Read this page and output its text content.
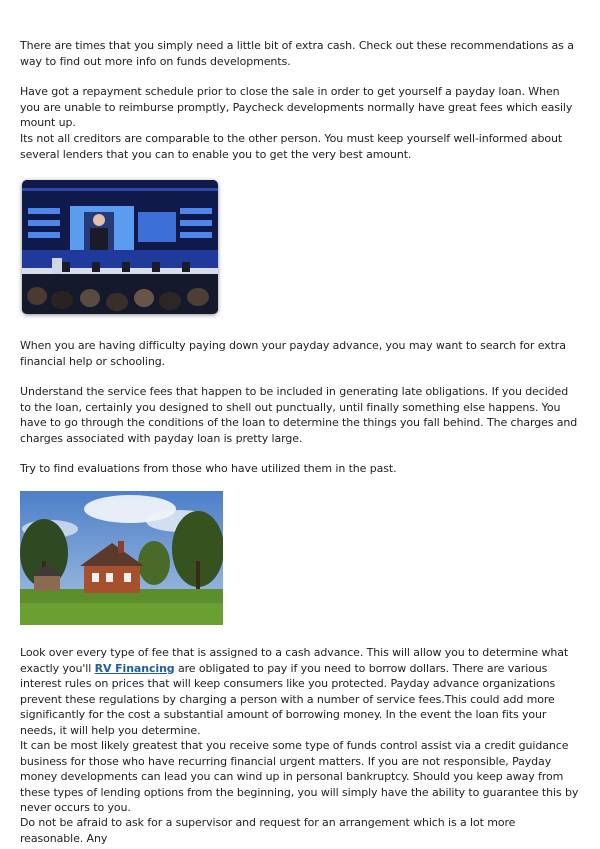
There are times that you simply need a little bit of extra cash. Check out these recommendations as a way to find out more info on funds developments.

Have got a repayment schedule prior to close the sale in order to get yourself a payday loan. When you are unable to reimburse promptly, Paycheck developments normally have great fees which easily mount up.

Its not all creditors are comparable to the other person. You must keep yourself well-informed about several lenders that you can to enable you to get the very best amount.

When you are having difficulty paying down your payday advance, you may want to search for extra financial help or schooling.

Understand the service fees that happen to be included in generating late obligations. If you decided to the loan, certainly you designed to shell out punctually, until finally something else happens. You have to go through the conditions of the loan to determine the things you fall behind. The charges and charges associated with payday loan is pretty large.

Try to find evaluations from those who have utilized them in the past.

Look over every type of fee that is assigned to a cash advance. This will allow you to determine what exactly you'll RV Financing are obligated to pay if you need to borrow dollars. There are various interest rules on prices that will keep consumers like you protected. Payday advance organizations prevent these regulations by charging a person with a number of service fees.This could add more significantly for the cost a substantial amount of borrowing money. In the event the loan fits your needs, it will help you determine.

It can be most likely greatest that you receive some type of funds control assist via a credit guidance business for those who have recurring financial urgent matters. If you are not responsible, Payday money developments can lead you can wind up in personal bankruptcy. Should you keep away from these types of lending options from the beginning, you will simply have the ability to guarantee this by never occurs to you.

Do not be afraid to ask for a supervisor and request for an arrangement which is a lot more reasonable. Any
